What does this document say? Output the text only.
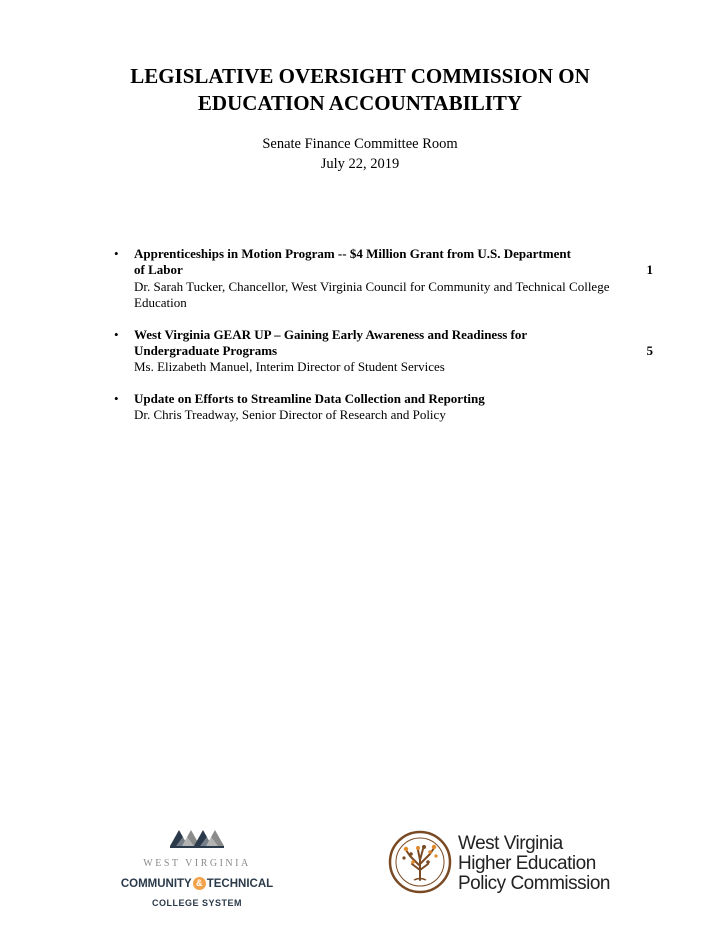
LEGISLATIVE OVERSIGHT COMMISSION ON
EDUCATION ACCOUNTABILITY
Senate Finance Committee Room
July 22, 2019
• Apprenticeships in Motion Program -- $4 Million Grant from U.S. Department
of Labor
Dr. Sarah Tucker, Chancellor, West Virginia Council for Community and Technical College Education
1
• West Virginia GEAR UP – Gaining Early Awareness and Readiness for
Undergraduate Programs
Ms. Elizabeth Manuel, Interim Director of Student Services
5
• Update on Efforts to Streamline Data Collection and Reporting
Dr. Chris Treadway, Senior Director of Research and Policy
WEST VIRGINIA
COMMUNITY & TECHNICAL
COLLEGE SYSTEM
West Virginia
Higher Education
Policy Commission
